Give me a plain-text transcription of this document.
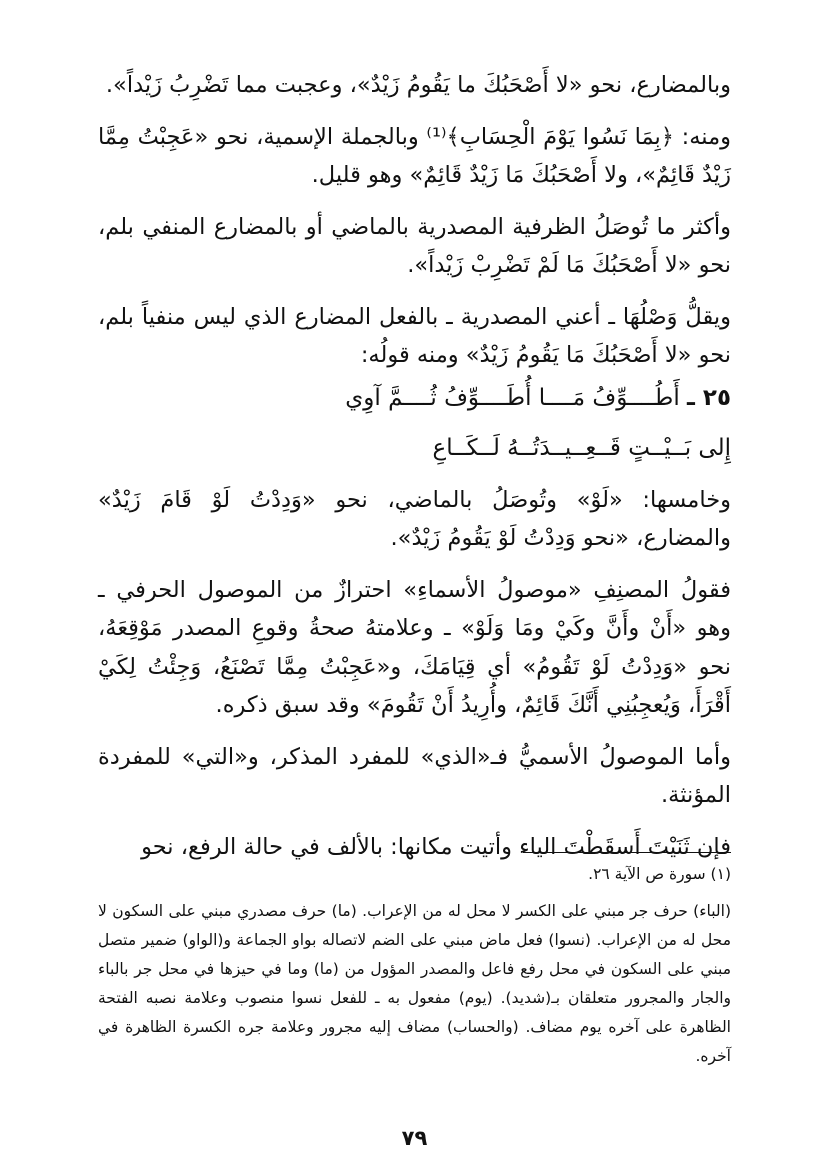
وبالمضارع، نحو «لا أَصْحَبُكَ ما يَقُومُ زَيْدٌ»، وعجبت مما تَضْرِبُ زَيْداً».

ومنه: ﴿بِمَا نَسُوا يَوْمَ الْحِسَابِ﴾⁽¹⁾ وبالجملة الإسمية، نحو «عَجِبْتُ مِمَّا زَيْدٌ قَائِمٌ»، ولا أَصْحَبُكَ مَا زَيْدٌ قَائِمٌ» وهو قليل.

وأكثر ما تُوصَلُ الظرفية المصدرية بالماضي أو بالمضارع المنفي بلم، نحو «لا أَصْحَبُكَ مَا لَمْ تَضْرِبْ زَيْداً».

ويقلُّ وَصْلُهَا ـ أعني المصدرية ـ بالفعل المضارع الذي ليس منفياً بلم، نحو «لا أَصْحَبُكَ مَا يَقُومُ زَيْدٌ» ومنه قولُه:

٢٥ ـ أَطُــــوِّفُ مَــــا أُطَــــوِّفُ ثُــــمَّ آوِي
إِلى بَــيْــتٍ قَــعِــيــدَتُــهُ لَــكَــاعِ

وخامسها: «لَوْ» وتُوصَلُ بالماضي، نحو «وَدِدْتُ لَوْ قَامَ زَيْدٌ» والمضارع، «نحو وَدِدْتُ لَوْ يَقُومُ زَيْدٌ».

فقولُ المصنِفِ «موصولُ الأسماءِ» احترازٌ من الموصول الحرفي ـ وهو «أَنْ وأَنَّ وكَيْ ومَا وَلَوْ» ـ وعلامتهُ صحةُ وقوعِ المصدر مَوْقِعَهُ، نحو «وَدِدْتُ لَوْ تَقُومُ» أي قِيَامَكَ، و«عَجِبْتُ مِمَّا تَصْنَعُ، وَجِئْتُ لِكَيْ أَقْرَأَ، وَيُعجِبُنِي أَنَّكَ قَائِمٌ، وأُرِيدُ أَنْ تَقُومَ» وقد سبق ذكره.

وأما الموصولُ الأسميُّ فـ«الذي» للمفرد المذكر، و«التي» للمفردة المؤنثة.

فإن ثَنَيْتَ أَسقَطْتَ الياء وأتيت مكانها: بالألف في حالة الرفع، نحو

(١) سورة ص الآية ٢٦.

(الباء) حرف جر مبني على الكسر لا محل له من الإعراب. (ما) حرف مصدري مبني على السكون لا محل له من الإعراب. (نسوا) فعل ماض مبني على الضم لاتصاله بواو الجماعة و(الواو) ضمير متصل مبني على السكون في محل رفع فاعل والمصدر المؤول من (ما) وما في حيزها في محل جر بالباء والجار والمجرور متعلقان بـ(شديد). (يوم) مفعول به ـ للفعل نسوا منصوب وعلامة نصبه الفتحة الظاهرة على آخره يوم مضاف. (والحساب) مضاف إليه مجرور وعلامة جره الكسرة الظاهرة في آخره.

٧٩
